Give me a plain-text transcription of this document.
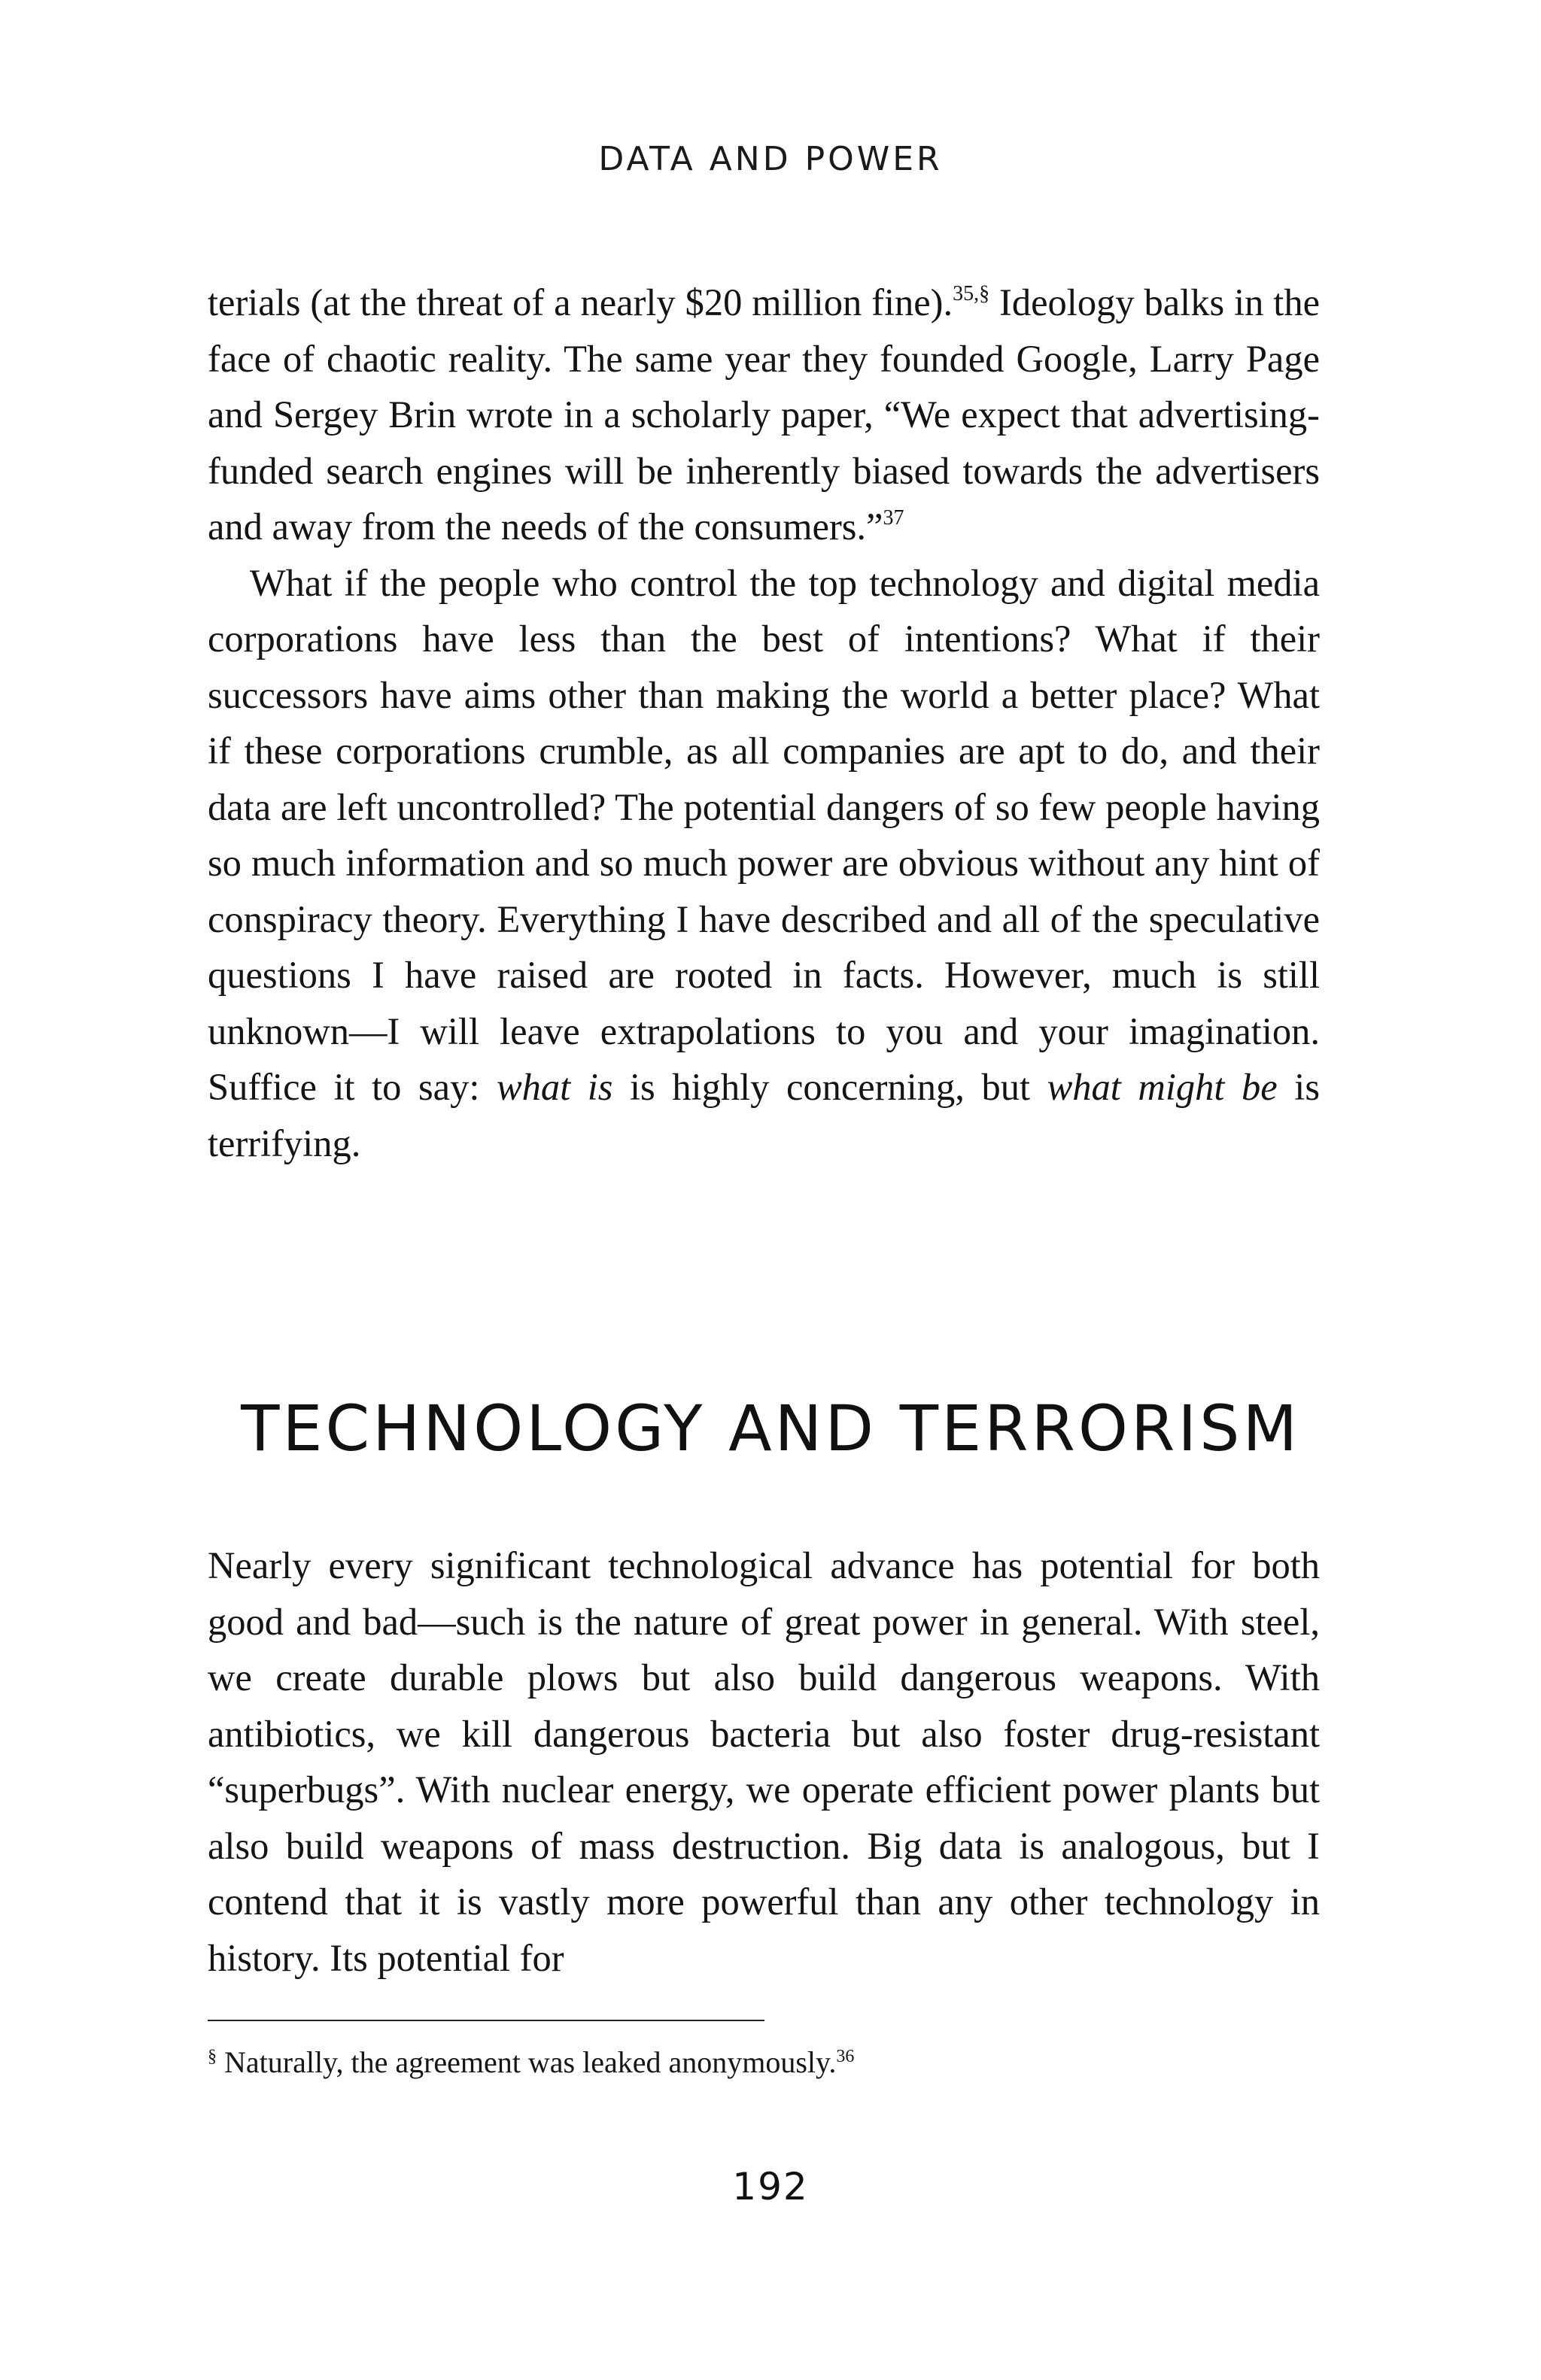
DATA AND POWER

terials (at the threat of a nearly $20 million fine).$^{35,\S}$ Ideology balks in the face of chaotic reality. The same year they founded Google, Larry Page and Sergey Brin wrote in a scholarly paper, “We expect that advertising-funded search engines will be inherently biased towards the advertisers and away from the needs of the consumers.”$^{37}$

What if the people who control the top technology and digital media corporations have less than the best of intentions? What if their successors have aims other than making the world a better place? What if these corporations crumble, as all companies are apt to do, and their data are left uncontrolled? The potential dangers of so few people having so much information and so much power are obvious without any hint of conspiracy theory. Everything I have described and all of the speculative questions I have raised are rooted in facts. However, much is still unknown—I will leave extrapolations to you and your imagination. Suffice it to say: what is is highly concerning, but what might be is terrifying.

TECHNOLOGY AND TERRORISM

Nearly every significant technological advance has potential for both good and bad—such is the nature of great power in general. With steel, we create durable plows but also build dangerous weapons. With antibiotics, we kill dangerous bacteria but also foster drug-resistant “superbugs”. With nuclear energy, we operate efficient power plants but also build weapons of mass destruction. Big data is analogous, but I contend that it is vastly more powerful than any other technology in history. Its potential for

§ Naturally, the agreement was leaked anonymously.$^{36}$
192
